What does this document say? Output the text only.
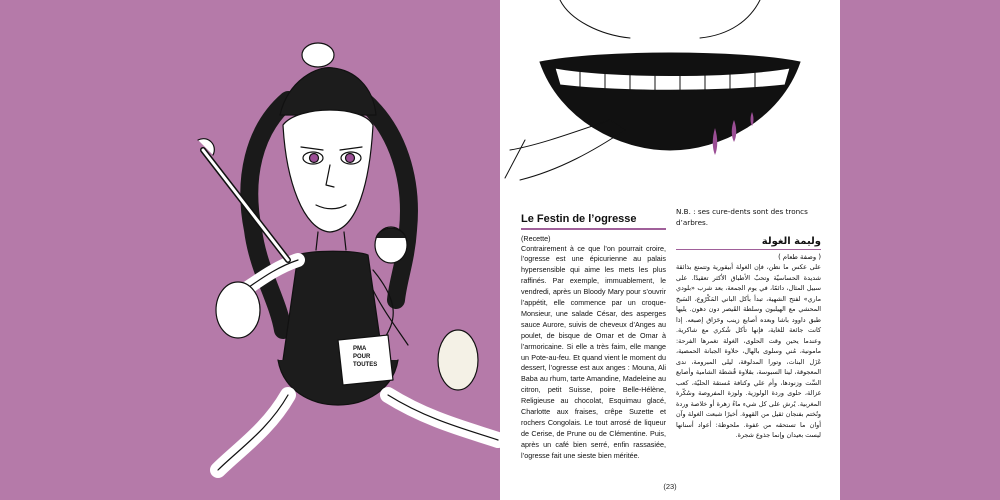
PMA
POUR
TOUTES
Le Festin de l’ogresse
(Recette)
Contrairement à ce que l’on pourrait croire, l’ogresse est une épicurienne au palais hypersensible qui aime les mets les plus raffinés. Par exemple, immuablement, le vendredi, après un Bloody Mary pour s’ouvrir l’appétit, elle commence par un croque-Monsieur, une salade César, des asperges sauce Aurore, suivis de cheveux d’Anges au poulet, de bisque de Omar et de Omar à l’armoricaine. Si elle a très faim, elle mange un Pote-au-feu. Et quand vient le moment du dessert, l’ogresse est aux anges : Mouna, Ali Baba au rhum, tarte Amandine, Madeleine au citron, petit Suisse, poire Belle-Hélène, Religieuse au chocolat, Esquimau glacé, Charlotte aux fraises, crêpe Suzette et rochers Congolais. Le tout arrosé de liqueur de Cerise, de Prune ou de Clémentine. Puis, après un café bien serré, enfin rassasiée, l’ogresse fait une sieste bien méritée.
N.B. : ses cure-dents sont des troncs d’arbres.
وليمة الغولة
( وصفة طعام )
على عكس ما نظن، فإن الغولة أبيقورية وتتمتع بذائقة شديدة الحساسيّة وتحبّ الأطباق الأكثر تعقيدًا. على سبيل المثال، دائمًا، في يوم الجمعة، بعد شرب «بلودي ماري» لفتح الشهية، تبدأ بأكل الباني المَكْرُوع، السَبخ المحشي مع الهيلبون وسلطة القَيصر دون دهون. يليها طبق داوود باشا وبعده أصابع زينب وحَرَاق إصبعه. إذا كانت جائعة للغاية، فإنها تأكل شُكري مع شاكرية. وعندما يحين وقت الحلوى، الغولة تغمرها الفرحة: مامونية، مُني وسلوى بالهال، حلاوة الجبانة الحمصية، غَزَل البنات، وتورا المدلوقة، ليلى المبرومة، ندى المعجوقة، لينا السبوسة، بقلاوة قُشطة الشامية وأصابع السِّت وزنودها، وأم علي وكنافة مُستقة الحليّة، كعب غزالة، حلوى وردة الولوزية. ولوزة المفروصة وسُكّرة المغربية. يُرش على كل شيء ماءُ زهرة أو خلاصة وردة ونُختم بفنجان ثقيل من القهوة. أخيرًا شبعت الغولة وآن أوان ما تستحقه من غفوة. ملحوظة: أعواد أسنانها ليست بعيدان وإنما جذوع شجرة.
(23)
